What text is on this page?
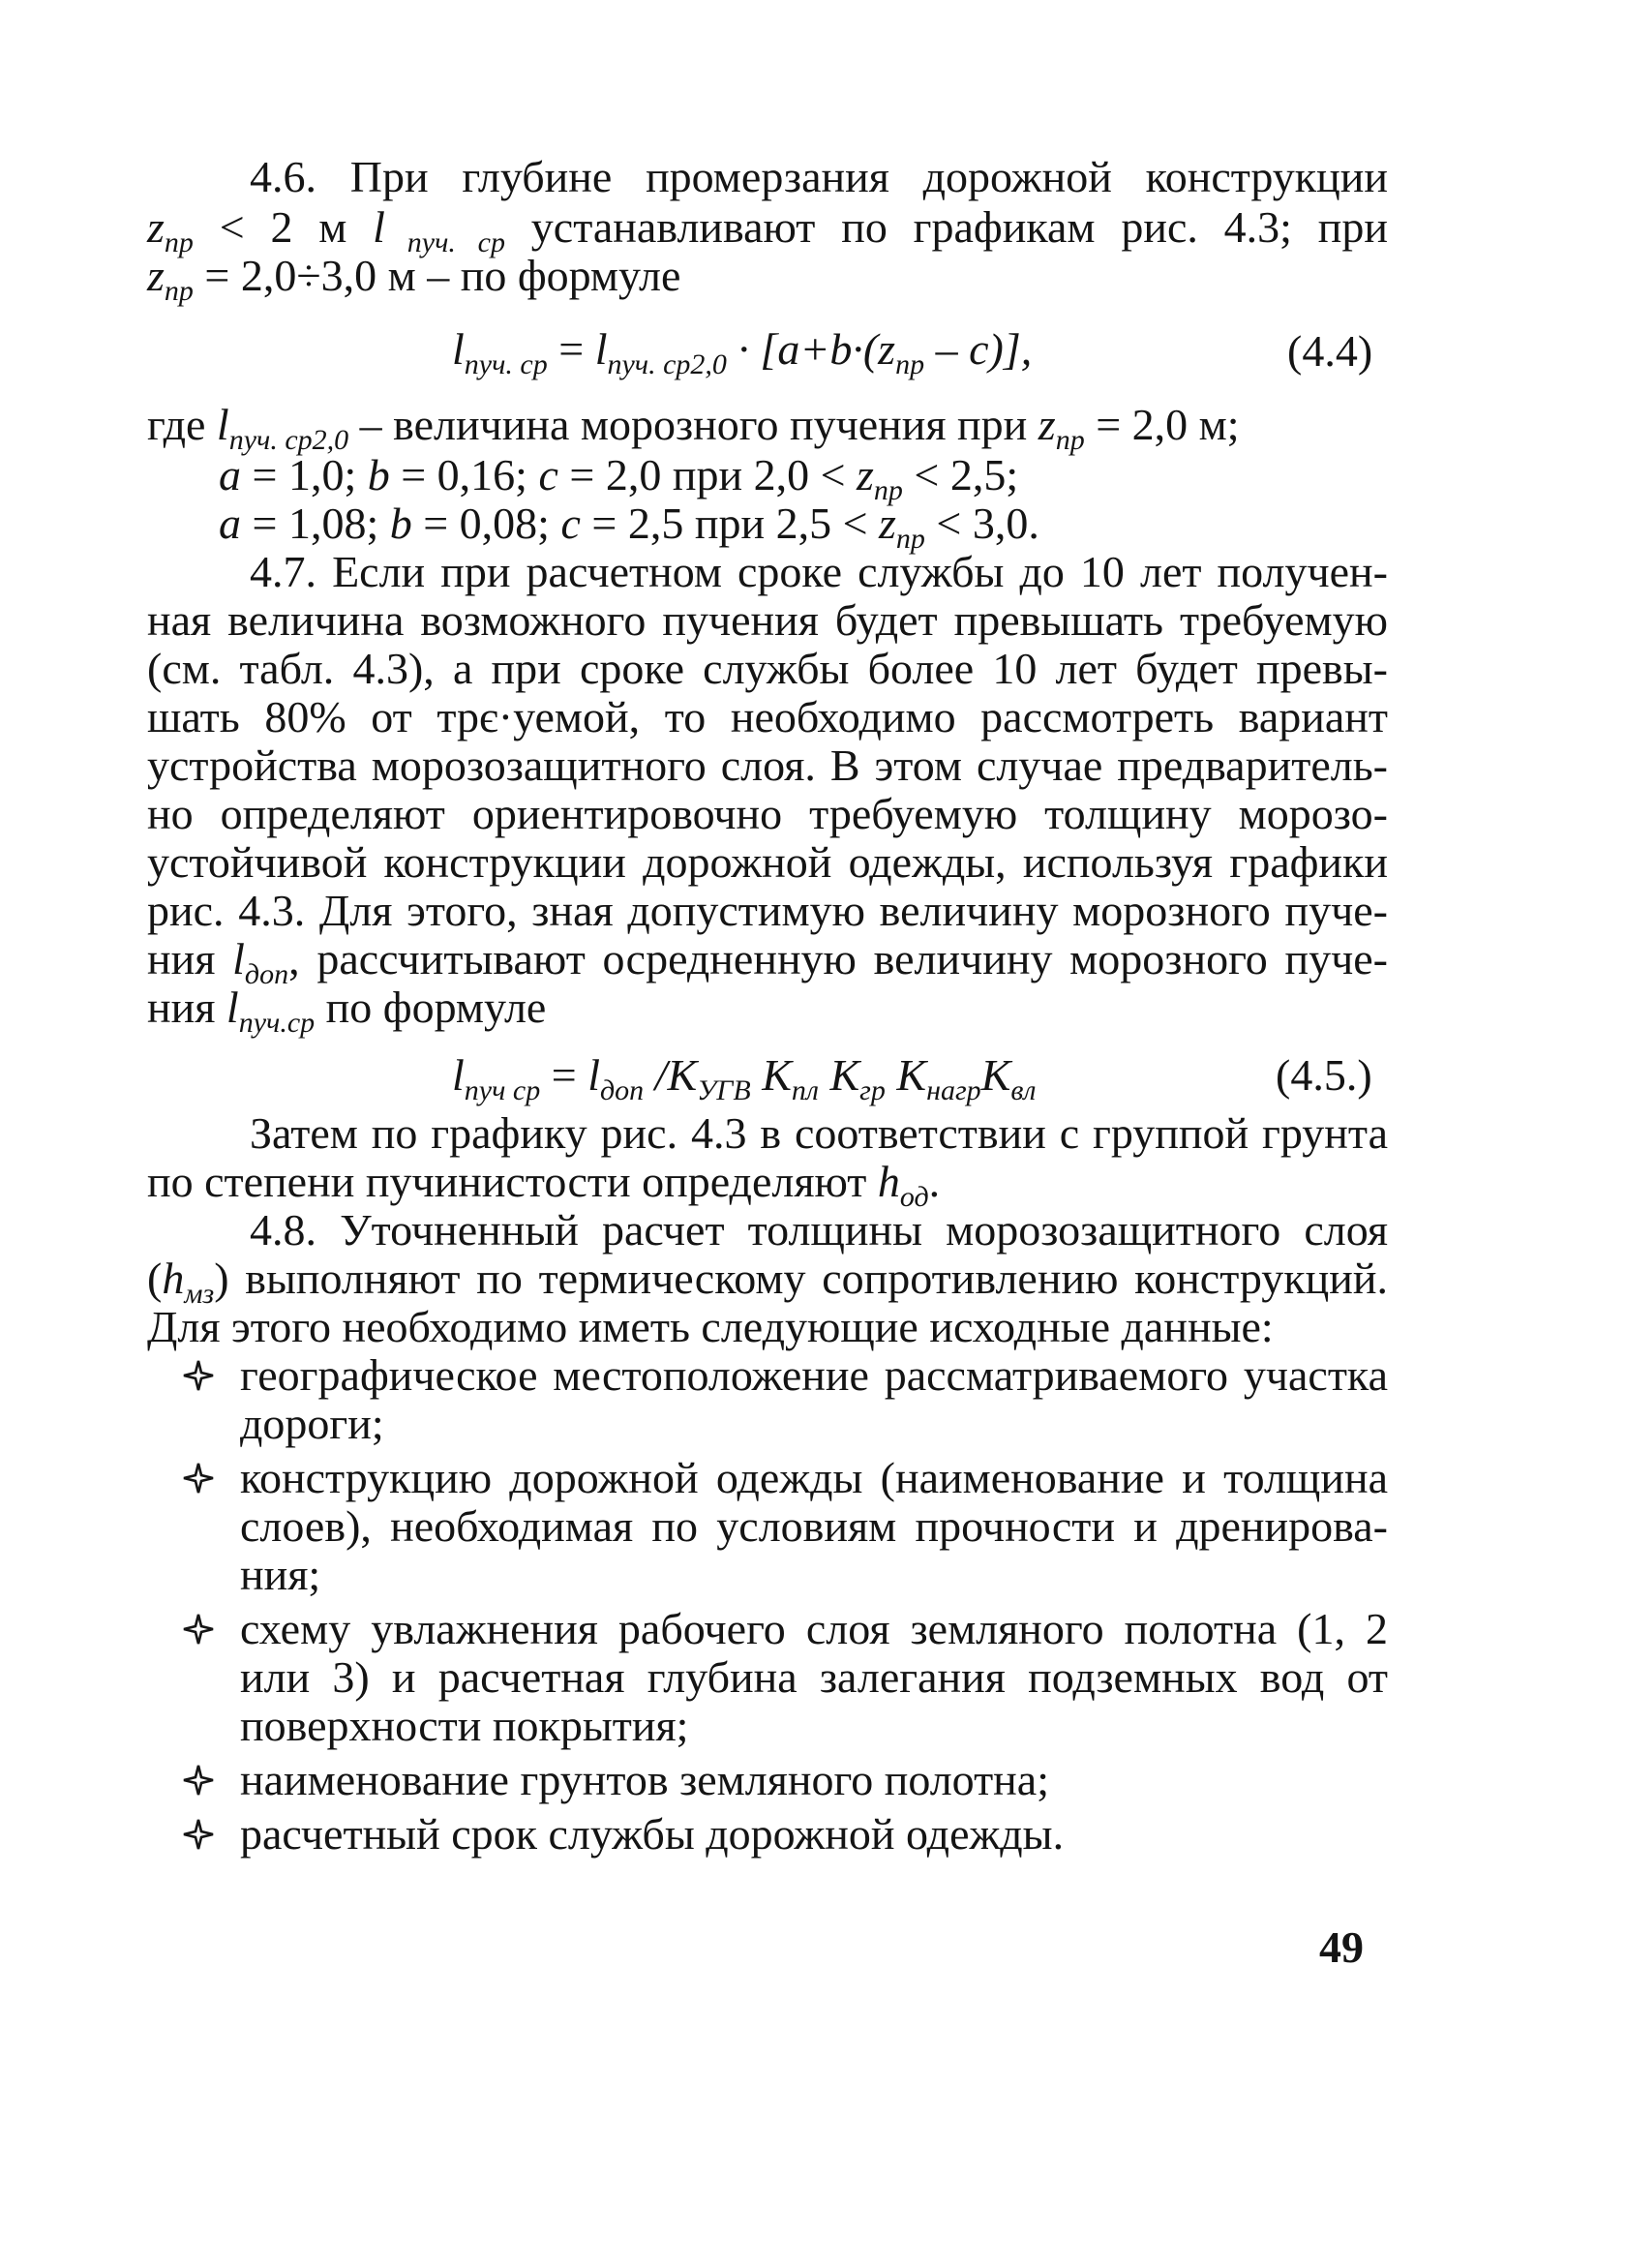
4.6. При глубине промерзания дорожной конструкции
$z_{пр} < 2$ м l $_{пуч. ср}$ устанавливают по графикам рис. 4.3; при
$z_{пр} = 2,0\div 3,0$ м – по формуле
$l_{пуч. ср} = l_{пуч. ср2,0} \cdot [a+b\cdot(z_{пр} - c)]$,	(4.4)
где $l_{пуч. ср2,0}$ – величина морозного пучения при $z_{пр} = 2,0$ м;
a = 1,0; b = 0,16; c = 2,0 при $2,0 < z_{пр} < 2,5$;
a = 1,08; b = 0,08; c = 2,5 при $2,5 < z_{пр} < 3,0$.
4.7. Если при расчетном сроке службы до 10 лет получен-
ная величина возможного пучения будет превышать требуемую
(см. табл. 4.3), а при сроке службы более 10 лет будет превы-
шать 80% от трє·уемой, то необходимо рассмотреть вариант
устройства морозозащитного слоя. В этом случае предваритель-
но определяют ориентировочно требуемую толщину морозо-
устойчивой конструкции дорожной одежды, используя графики
рис. 4.3. Для этого, зная допустимую величину морозного пуче-
ния $l_{доп}$, рассчитывают осредненную величину морозного пуче-
ния $l_{пуч.ср}$ по формуле
$l_{пуч ср} = l_{доп}$ $/K_{УГВ}$ $K_{пл}$ $K_{гр}$ $K_{нагр}K_{вл}$	(4.5.)
Затем по графику рис. 4.3 в соответствии с группой грунта
по степени пучинистости определяют $h_{од}$.
4.8. Уточненный расчет толщины морозозащитного слоя
$(h_{мз})$ выполняют по термическому сопротивлению конструкций.
Для этого необходимо иметь следующие исходные данные:
географическое местоположение рассматриваемого участка
дороги;
конструкцию дорожной одежды (наименование и толщина
слоев), необходимая по условиям прочности и дренирова-
ния;
схему увлажнения рабочего слоя земляного полотна (1, 2
или 3) и расчетная глубина залегания подземных вод от
поверхности покрытия;
наименование грунтов земляного полотна;
расчетный срок службы дорожной одежды.
49
